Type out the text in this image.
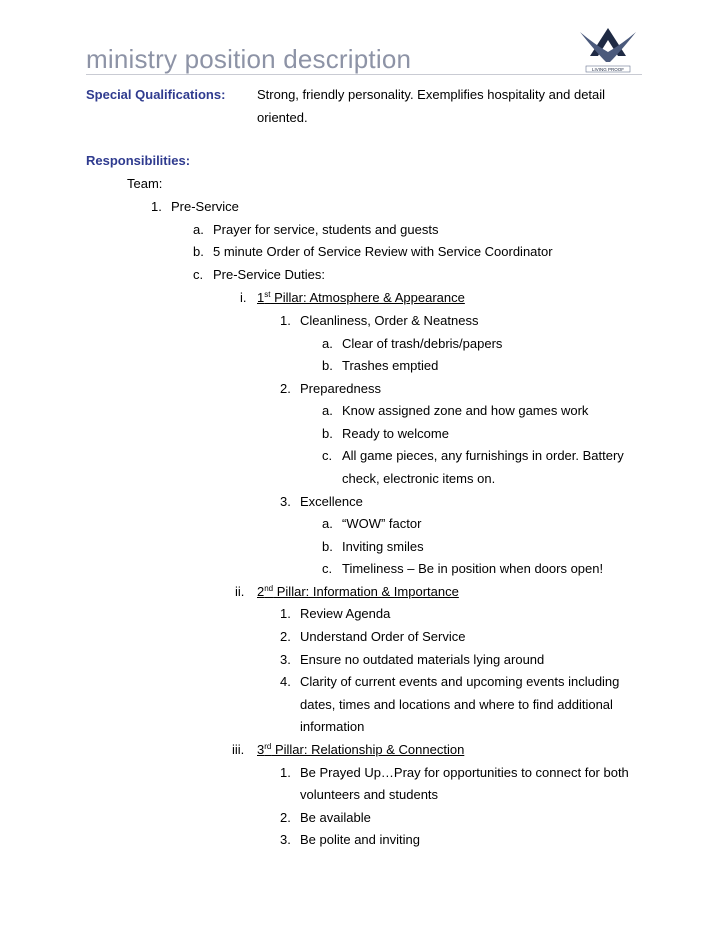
ministry position description	LIVING PROOF
Special Qualifications: Strong, friendly personality. Exemplifies hospitality and detail
oriented.
Responsibilities:
Team:
1. Pre-Service
a. Prayer for service, students and guests
b. 5 minute Order of Service Review with Service Coordinator
c. Pre-Service Duties:
i. 1st Pillar: Atmosphere & Appearance
1. Cleanliness, Order & Neatness
a. Clear of trash/debris/papers
b. Trashes emptied
2. Preparedness
a. Know assigned zone and how games work
b. Ready to welcome
c. All game pieces, any furnishings in order. Battery
check, electronic items on.
3. Excellence
a. “WOW” factor
b. Inviting smiles
c. Timeliness – Be in position when doors open!
ii. 2nd Pillar: Information & Importance
1. Review Agenda
2. Understand Order of Service
3. Ensure no outdated materials lying around
4. Clarity of current events and upcoming events including
dates, times and locations and where to find additional
information
iii. 3rd Pillar: Relationship & Connection
1. Be Prayed Up…Pray for opportunities to connect for both
volunteers and students
2. Be available
3. Be polite and inviting
